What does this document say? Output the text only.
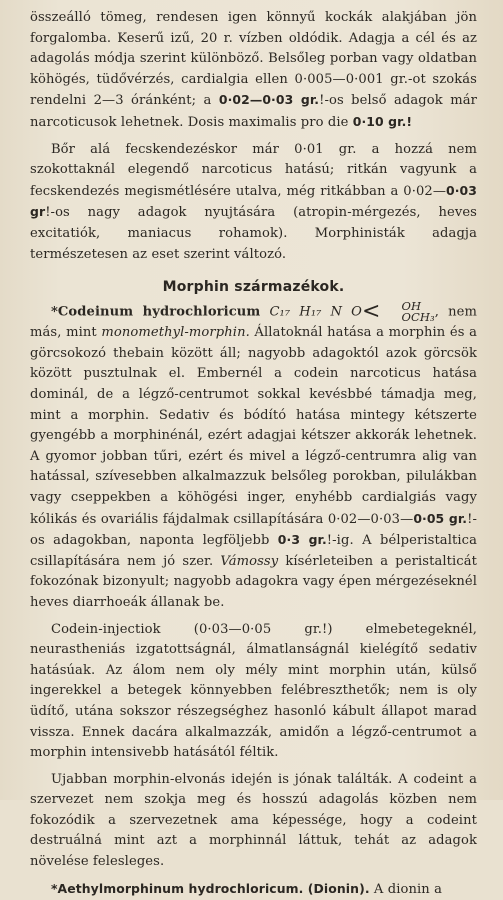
összeálló tömeg, rendesen igen könnyű kockák alakjában jön forgalomba. Keserű izű, 20 r. vízben oldódik. Adagja a cél és az adagolás módja szerint különböző. Belsőleg porban vagy oldatban köhögés, tüdővérzés, cardialgia ellen 0·005—0·001 gr.-ot szokás rendelni 2—3 óránként; a 0·02—0·03 gr.!-os belső adagok már narcoticusok lehetnek. Dosis maximalis pro die 0·10 gr.!

Bőr alá fecskendezéskor már 0·01 gr. a hozzá nem szokottaknál elegendő narcoticus hatású; ritkán vagyunk a fecskendezés megismétlésére utalva, még ritkábban a 0·02—0·03 gr!-os nagy adagok nyujtására (atropin-mérgezés, heves excitatiók, maniacus rohamok). Morphinisták adagja természetesen az eset szerint változó.

Morphin származékok.

*Codeinum hydrochloricum C₁₇ H₁₇ N O<	OH
OCH₃ , nem más, mint monomethyl-morphin. Állatoknál hatása a morphin és a görcsokozó thebain között áll; nagyobb adagoktól azok görcsök között pusztulnak el. Embernél a codein narcoticus hatása dominál, de a légző-centrumot sokkal kevésbbé támadja meg, mint a morphin. Sedativ és bódító hatása mintegy kétszerte gyengébb a morphinénál, ezért adagjai kétszer akkorák lehetnek. A gyomor jobban tűri, ezért és mivel a légző-centrumra alig van hatással, szívesebben alkalmazzuk belsőleg porokban, pilulákban vagy cseppekben a köhögési inger, enyhébb cardialgiás vagy kólikás és ovariális fájdalmak csillapítására 0·02—0·03—0·05 gr.!-os adagokban, naponta legföljebb 0·3 gr.!-ig. A bélperistaltica csillapítására nem jó szer. Vámossy kísérleteiben a peristalticát fokozónak bizonyult; nagyobb adagokra vagy épen mérgezéseknél heves diarrhoeák állanak be.

Codein-injectiok (0·03—0·05 gr.!) elmebetegeknél, neurastheniás izgatottságnál, álmatlanságnál kielégítő sedativ hatásúak. Az álom nem oly mély mint morphin után, külső ingerekkel a betegek könnyebben felébreszthetők; nem is oly üdítő, utána sokszor részegséghez hasonló kábult állapot marad vissza. Ennek dacára alkalmazzák, amidőn a légző-centrumot a morphin intensivebb hatásától féltik.

Ujabban morphin-elvonás idején is jónak találták. A codeint a szervezet nem szokja meg és hosszú adagolás közben nem fokozódik a szervezetnek ama képessége, hogy a codeint destruálná mint azt a morphinnál láttuk, tehát az adagok növelése felesleges.

*Aethylmorphinum hydrochloricum. (Dionin). A dionin a
